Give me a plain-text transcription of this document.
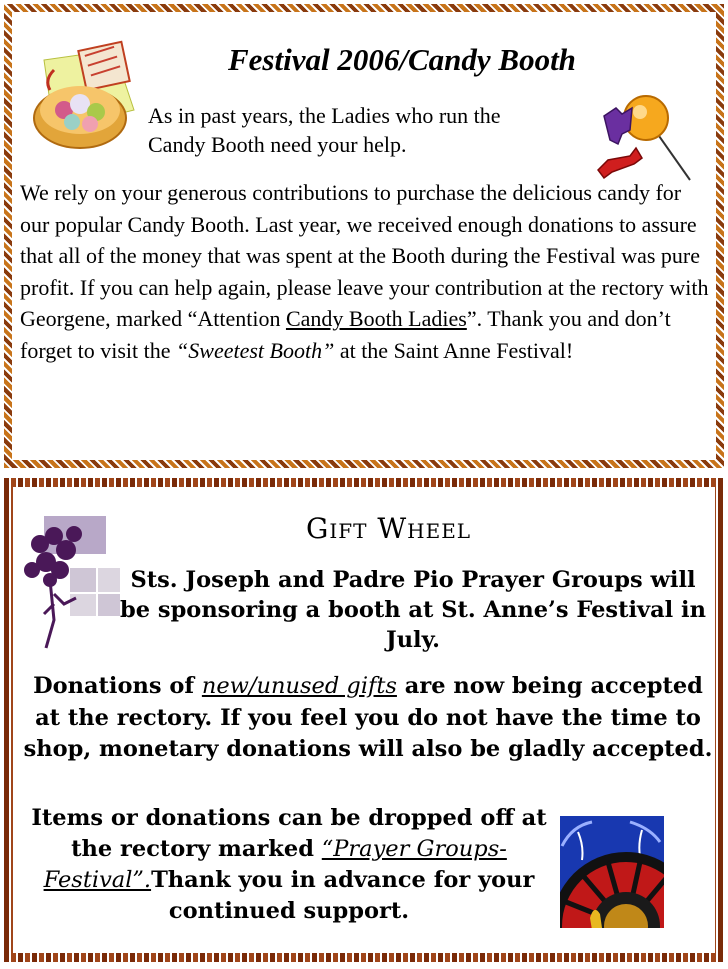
Festival 2006/Candy Booth
As in past years, the Ladies who run the
Candy Booth need your help.
We rely on your generous contributions to purchase the delicious candy for our popular Candy Booth. Last year, we received enough donations to assure that all of the money that was spent at the Booth during the Festival was pure profit. If you can help again, please leave your contribution at the rectory with Georgene, marked “Attention Candy Booth Ladies”. Thank you and don’t forget to visit the “Sweetest Booth” at the Saint Anne Festival!
Gift Wheel
Sts. Joseph and Padre Pio Prayer Groups will be sponsoring a booth at St. Anne’s Festival in July.
Donations of new/unused gifts are now being accepted at the rectory. If you feel you do not have the time to shop, monetary donations will also be gladly accepted.
Items or donations can be dropped off at the rectory marked “Prayer Groups-Festival”.Thank you in advance for your continued support.
